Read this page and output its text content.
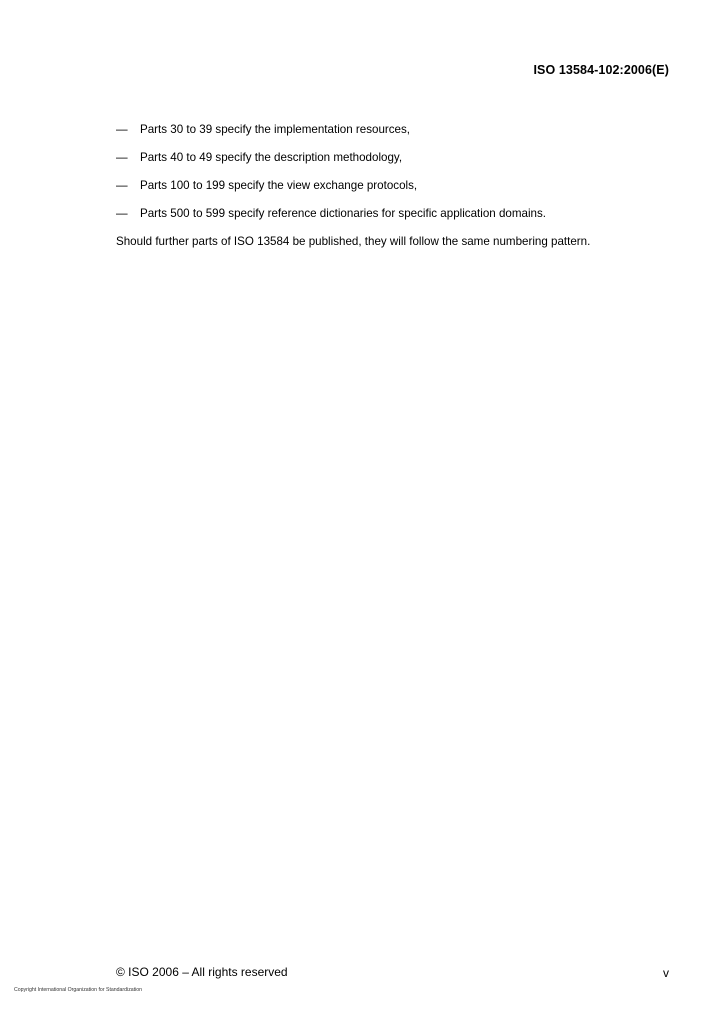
ISO 13584-102:2006(E)
—	Parts 30 to 39 specify the implementation resources,
—	Parts 40 to 49 specify the description methodology,
—	Parts 100 to 199 specify the view exchange protocols,
—	Parts 500 to 599 specify reference dictionaries for specific application domains.

Should further parts of ISO 13584 be published, they will follow the same numbering pattern.

© ISO 2006 – All rights reserved	v
Copyright International Organization for Standardization
